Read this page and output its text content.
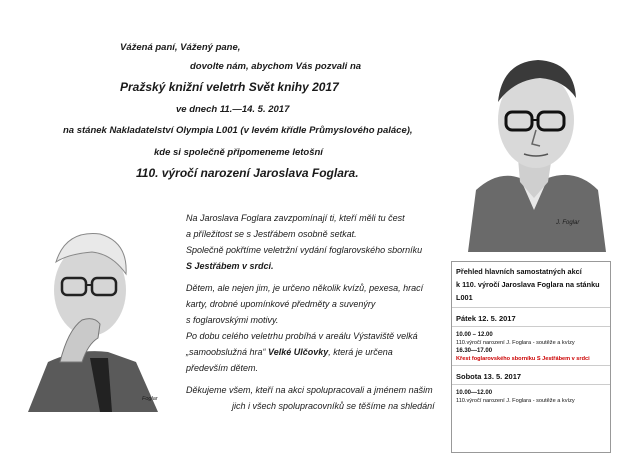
Vážená paní, Vážený pane,
dovolte nám, abychom Vás pozvali na
Pražský knižní veletrh Svět knihy 2017
ve dnech 11.—14. 5. 2017
na stánek Nakladatelství Olympia L001 (v levém křídle Průmyslového paláce),
kde si společně připomeneme letošní
110. výročí narození Jaroslava Foglara.
J. Foglar
Foglar
Na Jaroslava Foglara zavzpomínají ti, kteří měli tu čest
a příležitost se s Jestřábem osobně setkat.
Společně pokřtíme veletržní vydání foglarovského sborníku
S Jestřábem v srdci.
Dětem, ale nejen jim, je určeno několik kvízů, pexesa, hrací
karty, drobné upomínkové předměty a suvenýry
s foglarovskými motivy.
Po dobu celého veletrhu probíhá v areálu Výstaviště velká
„samoobslužná hra“ Velké Ulčovky, která je určena
především dětem.
Děkujeme všem, kteří na akci spolupracovali a jménem našim
jich i všech spolupracovníků se těšíme na shledání
Přehled hlavních samostatných akcí
k 110. výročí Jaroslava Foglara na stánku
L001
Pátek 12. 5. 2017
10.00 – 12.00
110.výročí narození J. Foglara - soutěže a kvízy
16.30—17.00
Křest foglarovského sborníku S Jestřábem v srdci
Sobota 13. 5. 2017
10.00—12.00
110.výročí narození J. Foglara - soutěže a kvízy
